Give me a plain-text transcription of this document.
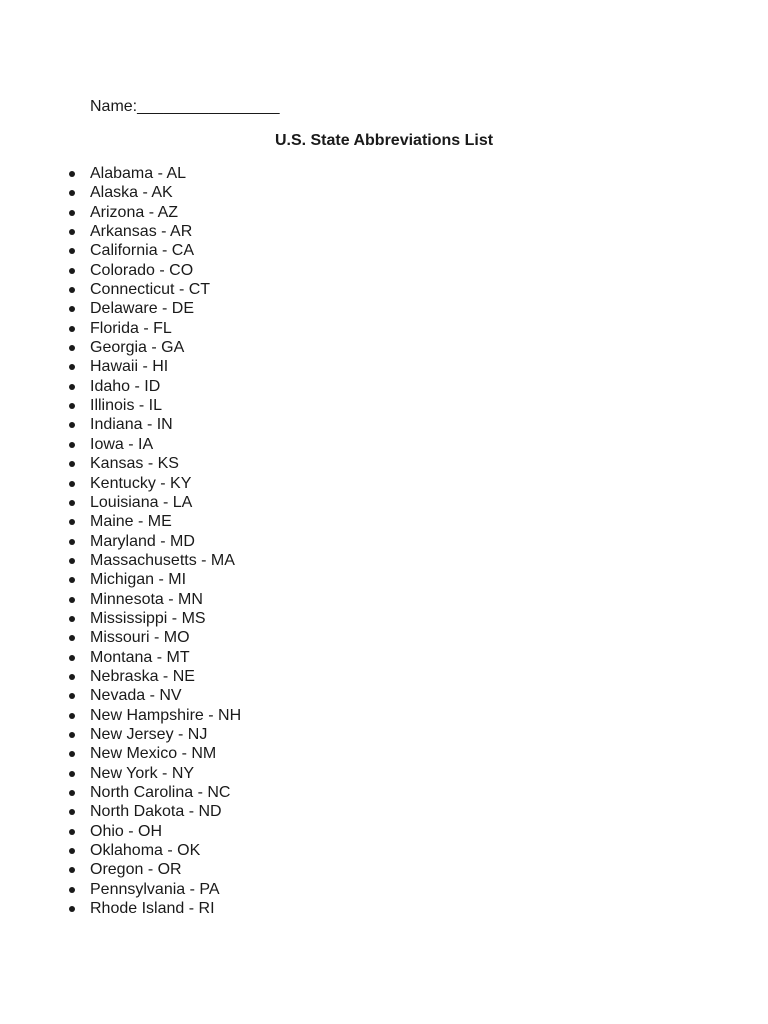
Name:________________
U.S. State Abbreviations List
Alabama - AL
Alaska - AK
Arizona - AZ
Arkansas - AR
California - CA
Colorado - CO
Connecticut - CT
Delaware - DE
Florida - FL
Georgia - GA
Hawaii - HI
Idaho - ID
Illinois - IL
Indiana - IN
Iowa - IA
Kansas - KS
Kentucky - KY
Louisiana - LA
Maine - ME
Maryland - MD
Massachusetts - MA
Michigan - MI
Minnesota - MN
Mississippi - MS
Missouri - MO
Montana - MT
Nebraska - NE
Nevada - NV
New Hampshire - NH
New Jersey - NJ
New Mexico - NM
New York - NY
North Carolina - NC
North Dakota - ND
Ohio - OH
Oklahoma - OK
Oregon - OR
Pennsylvania - PA
Rhode Island - RI
